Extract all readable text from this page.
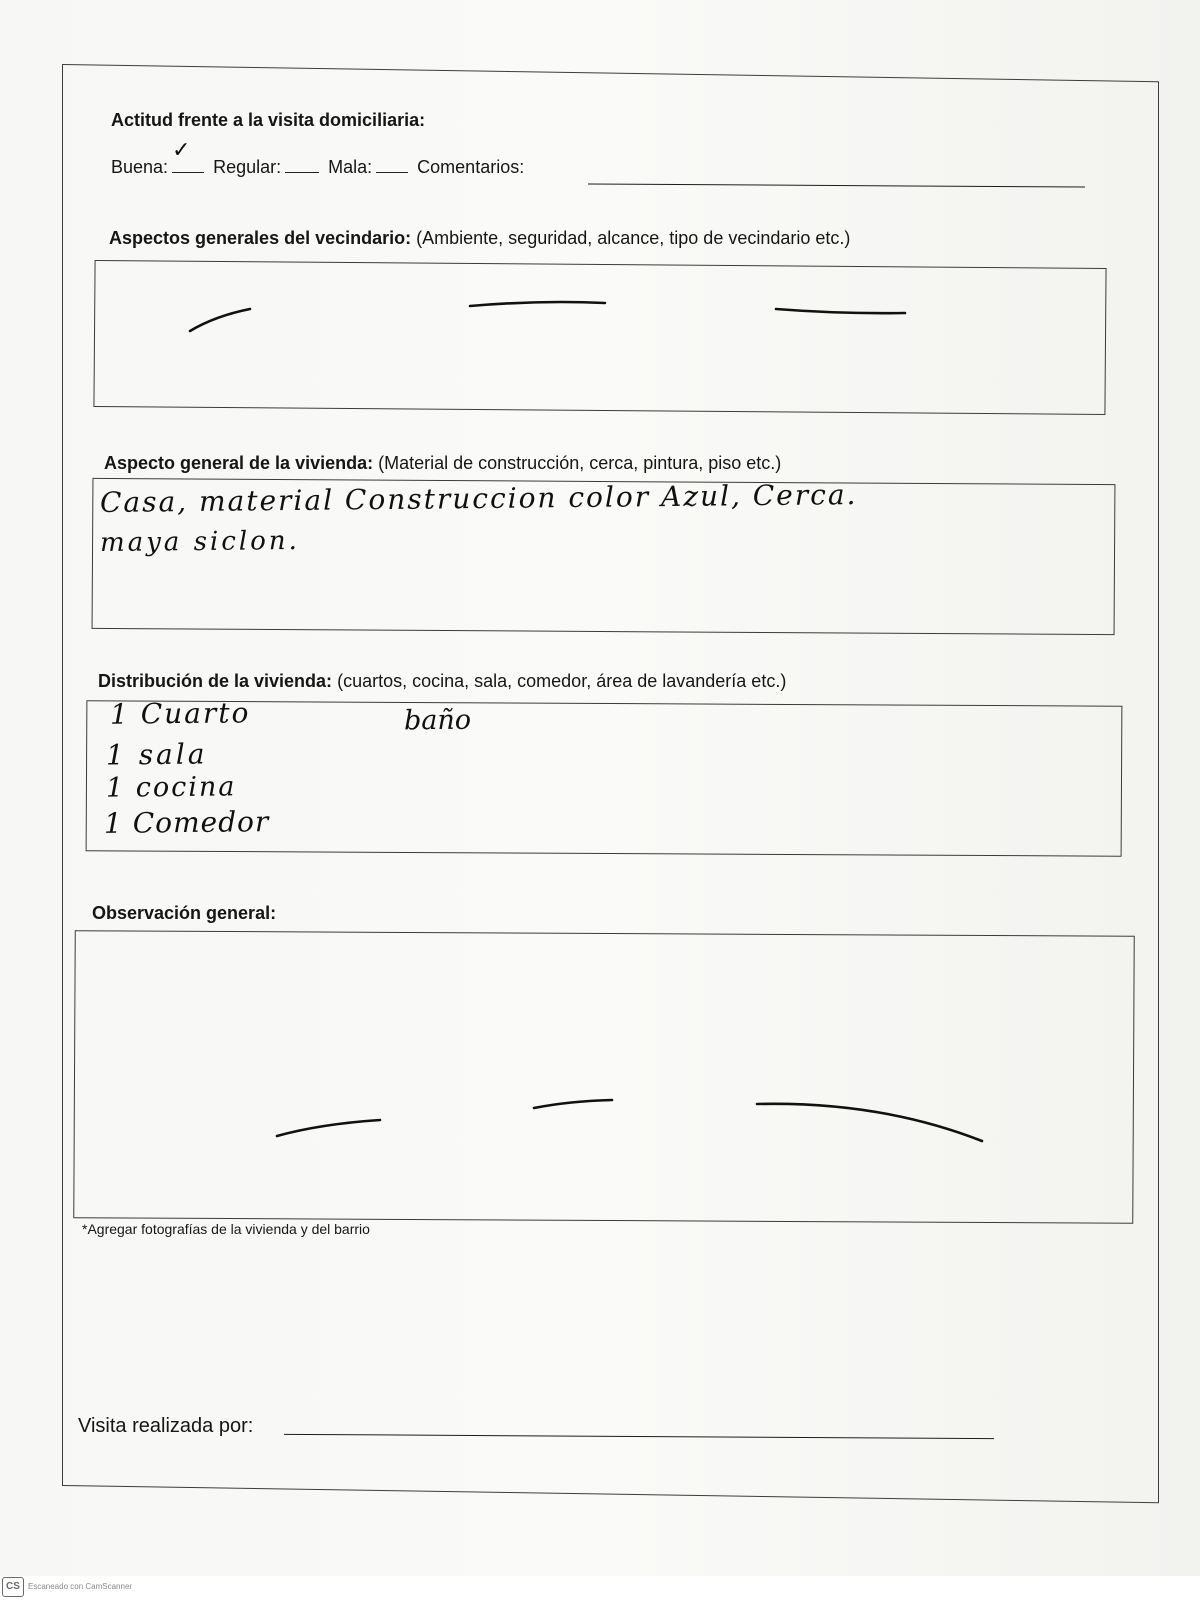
Actitud frente a la visita domiciliaria:
Buena:
✓
Regular:	Mala:	Comentarios:
Aspectos generales del vecindario: (Ambiente, seguridad, alcance, tipo de vecindario etc.)
Aspecto general de la vivienda: (Material de construcción, cerca, pintura, piso etc.)
Casa, material Construccion color Azul, Cerca.
maya siclon.
Distribución de la vivienda: (cuartos, cocina, sala, comedor, área de lavandería etc.)
1 Cuarto	baño
1 sala
1 cocina
1 Comedor
Observación general:
*Agregar fotografías de la vivienda y del barrio
Visita realizada por:
CS	Escaneado con CamScanner
